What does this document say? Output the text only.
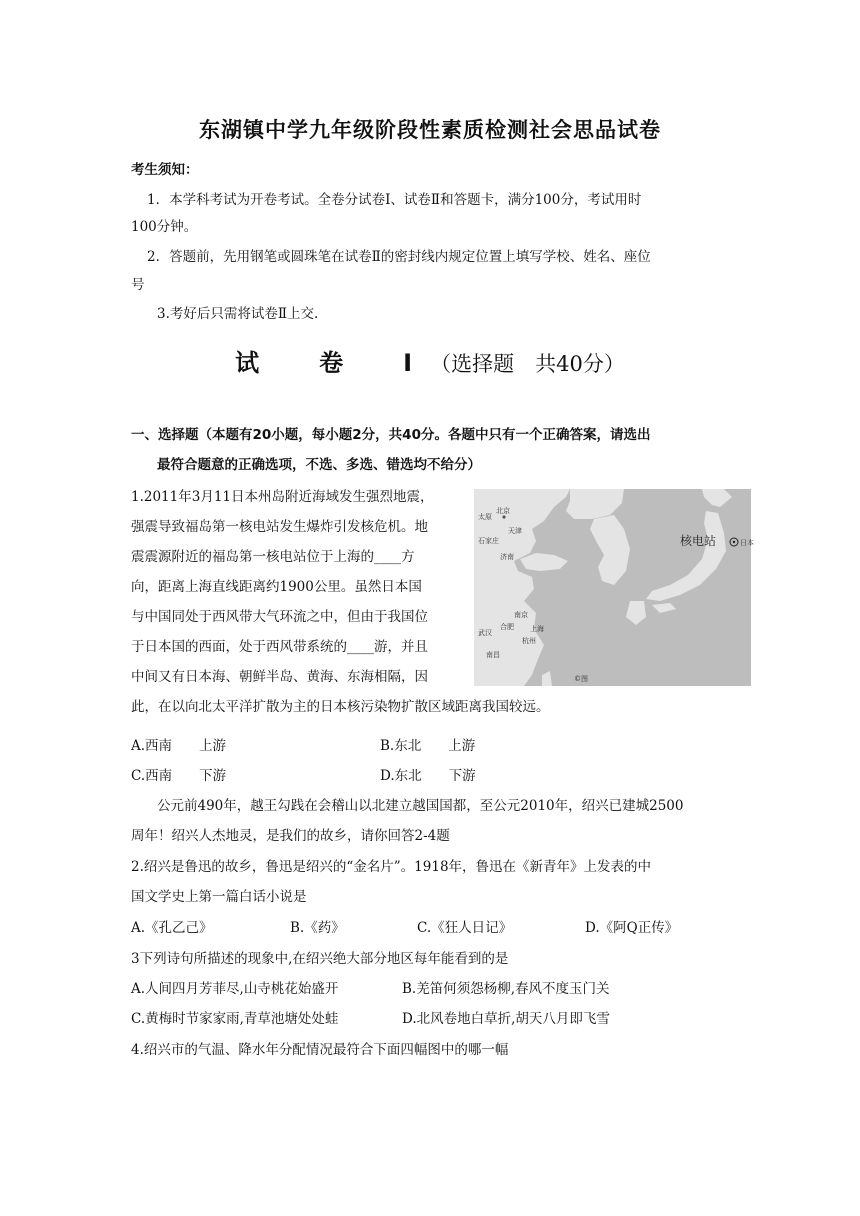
东湖镇中学九年级阶段性素质检测社会思品试卷
考生须知：
1．本学科考试为开卷考试。全卷分试卷Ⅰ、试卷Ⅱ和答题卡，满分100分，考试用时
100分钟。
2．答题前，先用钢笔或圆珠笔在试卷Ⅱ的密封线内规定位置上填写学校、姓名、座位
号
3.考好后只需将试卷Ⅱ上交.
试　卷　Ⅰ（选择题　共40分）
一、选择题（本题有20小题，每小题2分，共40分。各题中只有一个正确答案，请选出
最符合题意的正确选项，不选、多选、错选均不给分）
1.2011年3月11日本州岛附近海域发生强烈地震，
强震导致福岛第一核电站发生爆炸引发核危机。地
震震源附近的福岛第一核电站位于上海的____方
向，距离上海直线距离约1900公里。虽然日本国
与中国同处于西风带大气环流之中，但由于我国位
于日本国的西面，处于西风带系统的____游，并且
中间又有日本海、朝鲜半岛、黄海、东海相隔，因
此，在以向北太平洋扩散为主的日本核污染物扩散区域距离我国较远。
北京
天津
石家庄
太原
济南
南京
合肥
武汉	上海
杭州
南昌
核电站	日本
©图
A.西南　　上游	B.东北　　上游
C.西南　　下游	D.东北　　下游
公元前490年，越王勾践在会稽山以北建立越国国都，至公元2010年，绍兴已建城2500
周年！绍兴人杰地灵，是我们的故乡，请你回答2-4题
2.绍兴是鲁迅的故乡，鲁迅是绍兴的“金名片”。1918年，鲁迅在《新青年》上发表的中
国文学史上第一篇白话小说是
A.《孔乙己》	B.《药》	C.《狂人日记》	D.《阿Q正传》
3下列诗句所描述的现象中,在绍兴绝大部分地区每年能看到的是
A.人间四月芳菲尽,山寺桃花始盛开	B.羌笛何须怨杨柳,春风不度玉门关
C.黄梅时节家家雨,青草池塘处处蛙	D.北风卷地白草折,胡天八月即飞雪
4.绍兴市的气温、降水年分配情况最符合下面四幅图中的哪一幅
